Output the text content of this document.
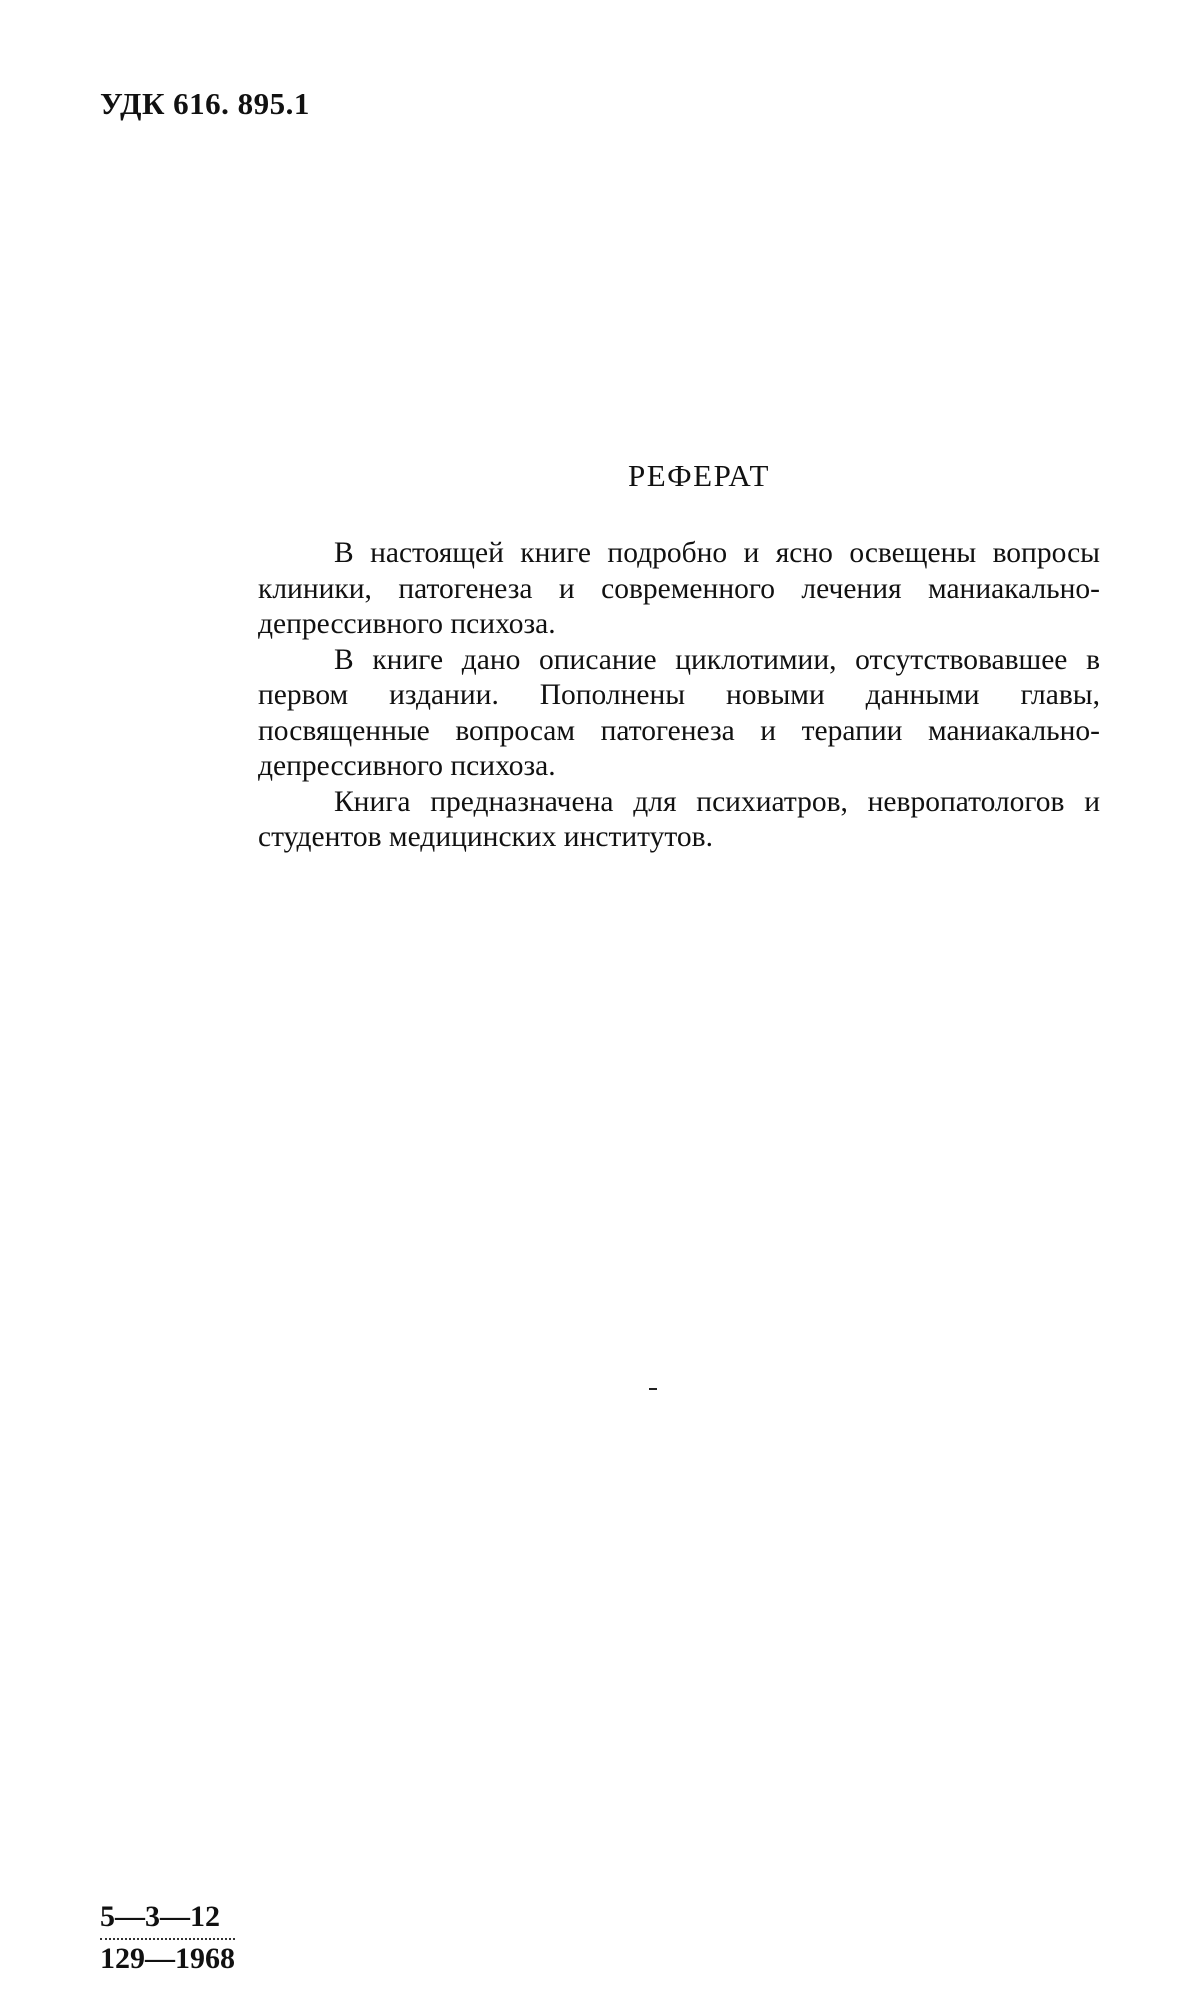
УДК 616. 895.1
РЕФЕРАТ

В настоящей книге подробно и ясно освещены вопросы клиники, патогенеза и современного лечения маниакально-депрессивного психоза.

В книге дано описание циклотимии, отсутствовавшее в первом издании. Пополнены новыми данными главы, посвященные вопросам патогенеза и терапии маниакально-депрессивного психоза.

Книга предназначена для психиатров, невропатологов и студентов медицинских институтов.

$\frac{5—3—12}{129—1968}$
